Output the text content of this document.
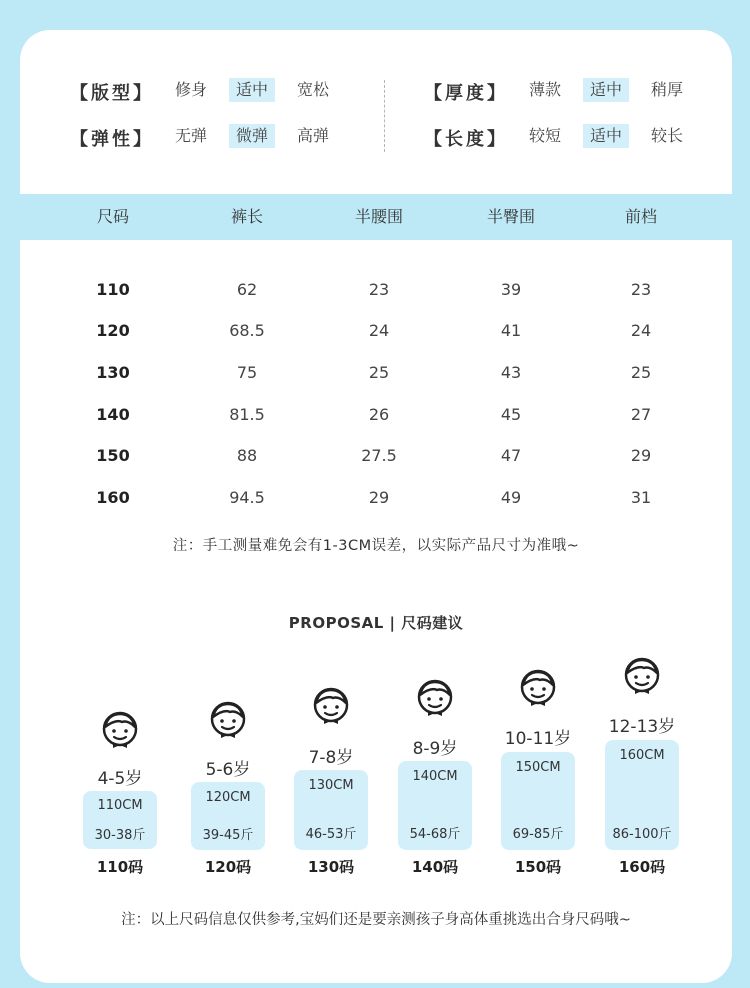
【版型】	修身	适中	宽松	【厚度】	薄款	适中	稍厚
【弹性】	无弹	微弹	高弹	【长度】	较短	适中	较长
尺码	裤长	半腰围	半臀围	前档
110	62	23	39	23
120	68.5	24	41	24
130	75	25	43	25
140	81.5	26	45	27
150	88	27.5	47	29
160	94.5	29	49	31
注：手工测量难免会有1-3CM误差，以实际产品尺寸为准哦~
PROPOSAL | 尺码建议
4-5岁
110CM
30-38斤
110码
5-6岁
120CM
39-45斤
120码
7-8岁
130CM
46-53斤
130码
8-9岁
140CM
54-68斤
140码
10-11岁
150CM
69-85斤
150码
12-13岁
160CM
86-100斤
160码
注：以上尺码信息仅供参考,宝妈们还是要亲测孩子身高体重挑选出合身尺码哦~
